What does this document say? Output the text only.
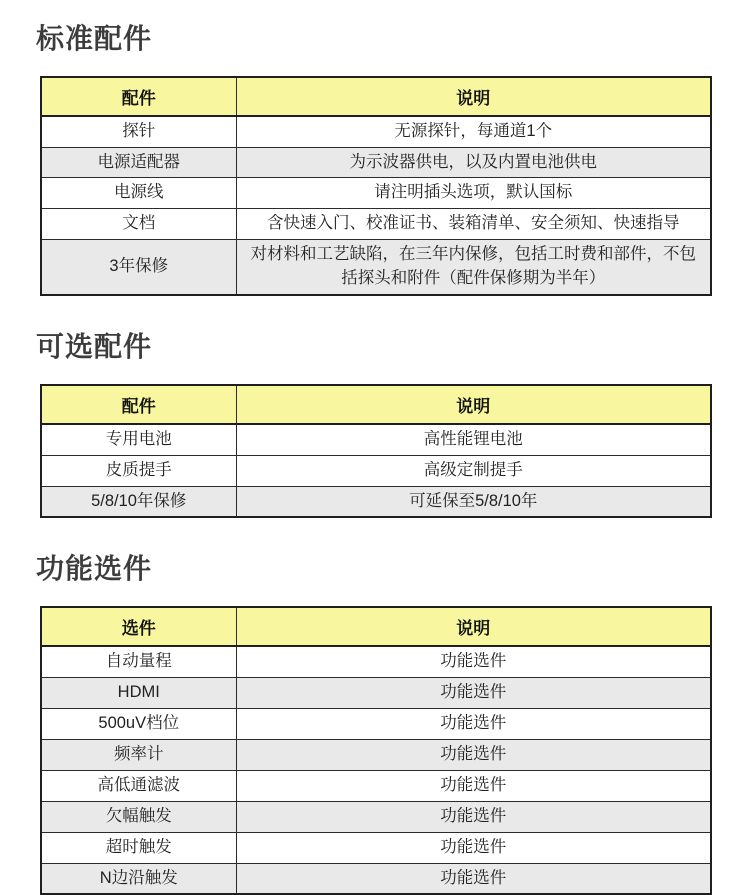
标准配件
配件	说明
探针	无源探针，每通道1个
电源适配器	为示波器供电，以及内置电池供电
电源线	请注明插头选项，默认国标
文档	含快速入门、校准证书、装箱清单、安全须知、快速指导
3年保修	对材料和工艺缺陷，在三年内保修，包括工时费和部件，不包括探头和附件（配件保修期为半年）
可选配件
配件	说明
专用电池	高性能锂电池
皮质提手	高级定制提手
5/8/10年保修	可延保至5/8/10年
功能选件
选件	说明
自动量程	功能选件
HDMI	功能选件
500uV档位	功能选件
频率计	功能选件
高低通滤波	功能选件
欠幅触发	功能选件
超时触发	功能选件
N边沿触发	功能选件
